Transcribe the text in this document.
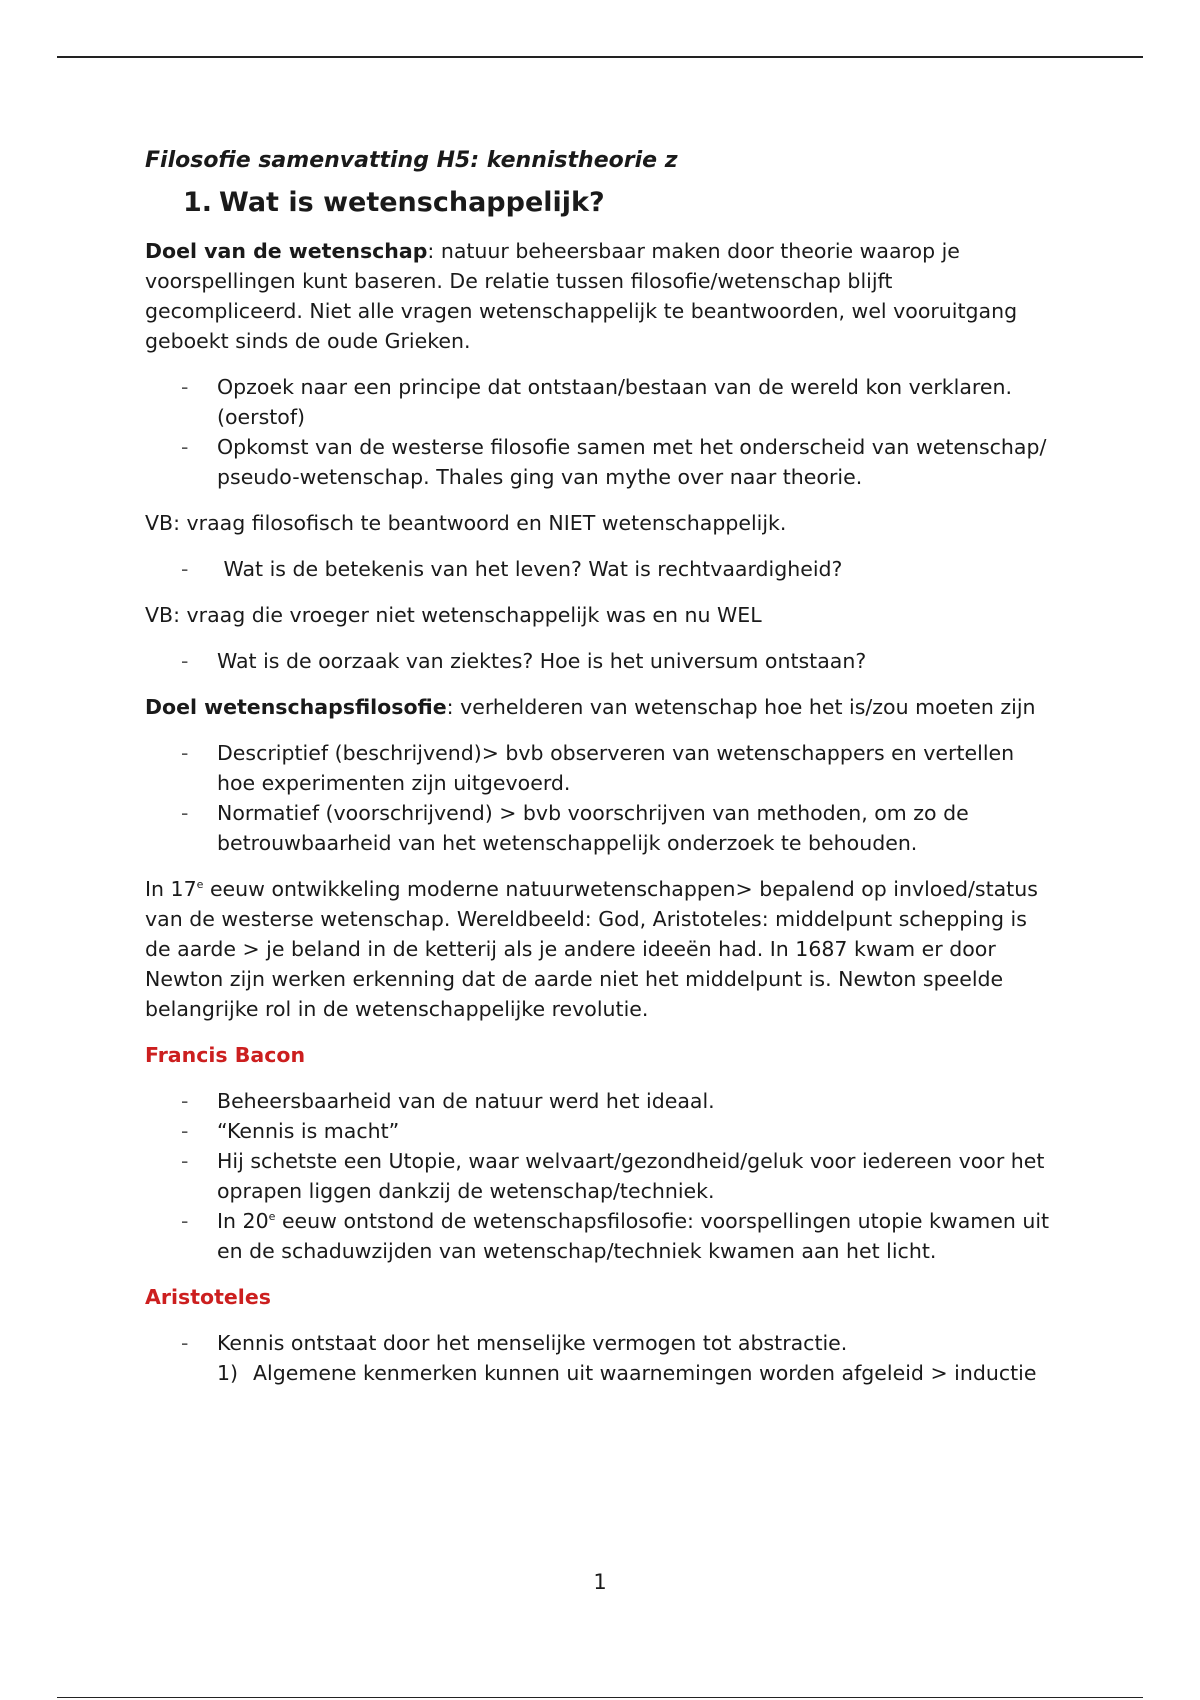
Filosofie samenvatting H5: kennistheorie z
1. Wat is wetenschappelijk?
Doel van de wetenschap: natuur beheersbaar maken door theorie waarop je voorspellingen kunt baseren. De relatie tussen filosofie/wetenschap blijft gecompliceerd. Niet alle vragen wetenschappelijk te beantwoorden, wel vooruitgang geboekt sinds de oude Grieken.
- Opzoek naar een principe dat ontstaan/bestaan van de wereld kon verklaren. (oerstof)
- Opkomst van de westerse filosofie samen met het onderscheid van wetenschap/ pseudo-wetenschap. Thales ging van mythe over naar theorie.
VB: vraag filosofisch te beantwoord en NIET wetenschappelijk.
- Wat is de betekenis van het leven? Wat is rechtvaardigheid?
VB: vraag die vroeger niet wetenschappelijk was en nu WEL
- Wat is de oorzaak van ziektes? Hoe is het universum ontstaan?
Doel wetenschapsfilosofie: verhelderen van wetenschap hoe het is/zou moeten zijn
- Descriptief (beschrijvend)> bvb observeren van wetenschappers en vertellen hoe experimenten zijn uitgevoerd.
- Normatief (voorschrijvend) > bvb voorschrijven van methoden, om zo de betrouwbaarheid van het wetenschappelijk onderzoek te behouden.
In 17e eeuw ontwikkeling moderne natuurwetenschappen> bepalend op invloed/status van de westerse wetenschap. Wereldbeeld: God, Aristoteles: middelpunt schepping is de aarde > je beland in de ketterij als je andere ideeën had. In 1687 kwam er door Newton zijn werken erkenning dat de aarde niet het middelpunt is. Newton speelde belangrijke rol in de wetenschappelijke revolutie.
Francis Bacon
- Beheersbaarheid van de natuur werd het ideaal.
- “Kennis is macht”
- Hij schetste een Utopie, waar welvaart/gezondheid/geluk voor iedereen voor het oprapen liggen dankzij de wetenschap/techniek.
- In 20e eeuw ontstond de wetenschapsfilosofie: voorspellingen utopie kwamen uit en de schaduwzijden van wetenschap/techniek kwamen aan het licht.
Aristoteles
- Kennis ontstaat door het menselijke vermogen tot abstractie.
1) Algemene kenmerken kunnen uit waarnemingen worden afgeleid > inductie
1
